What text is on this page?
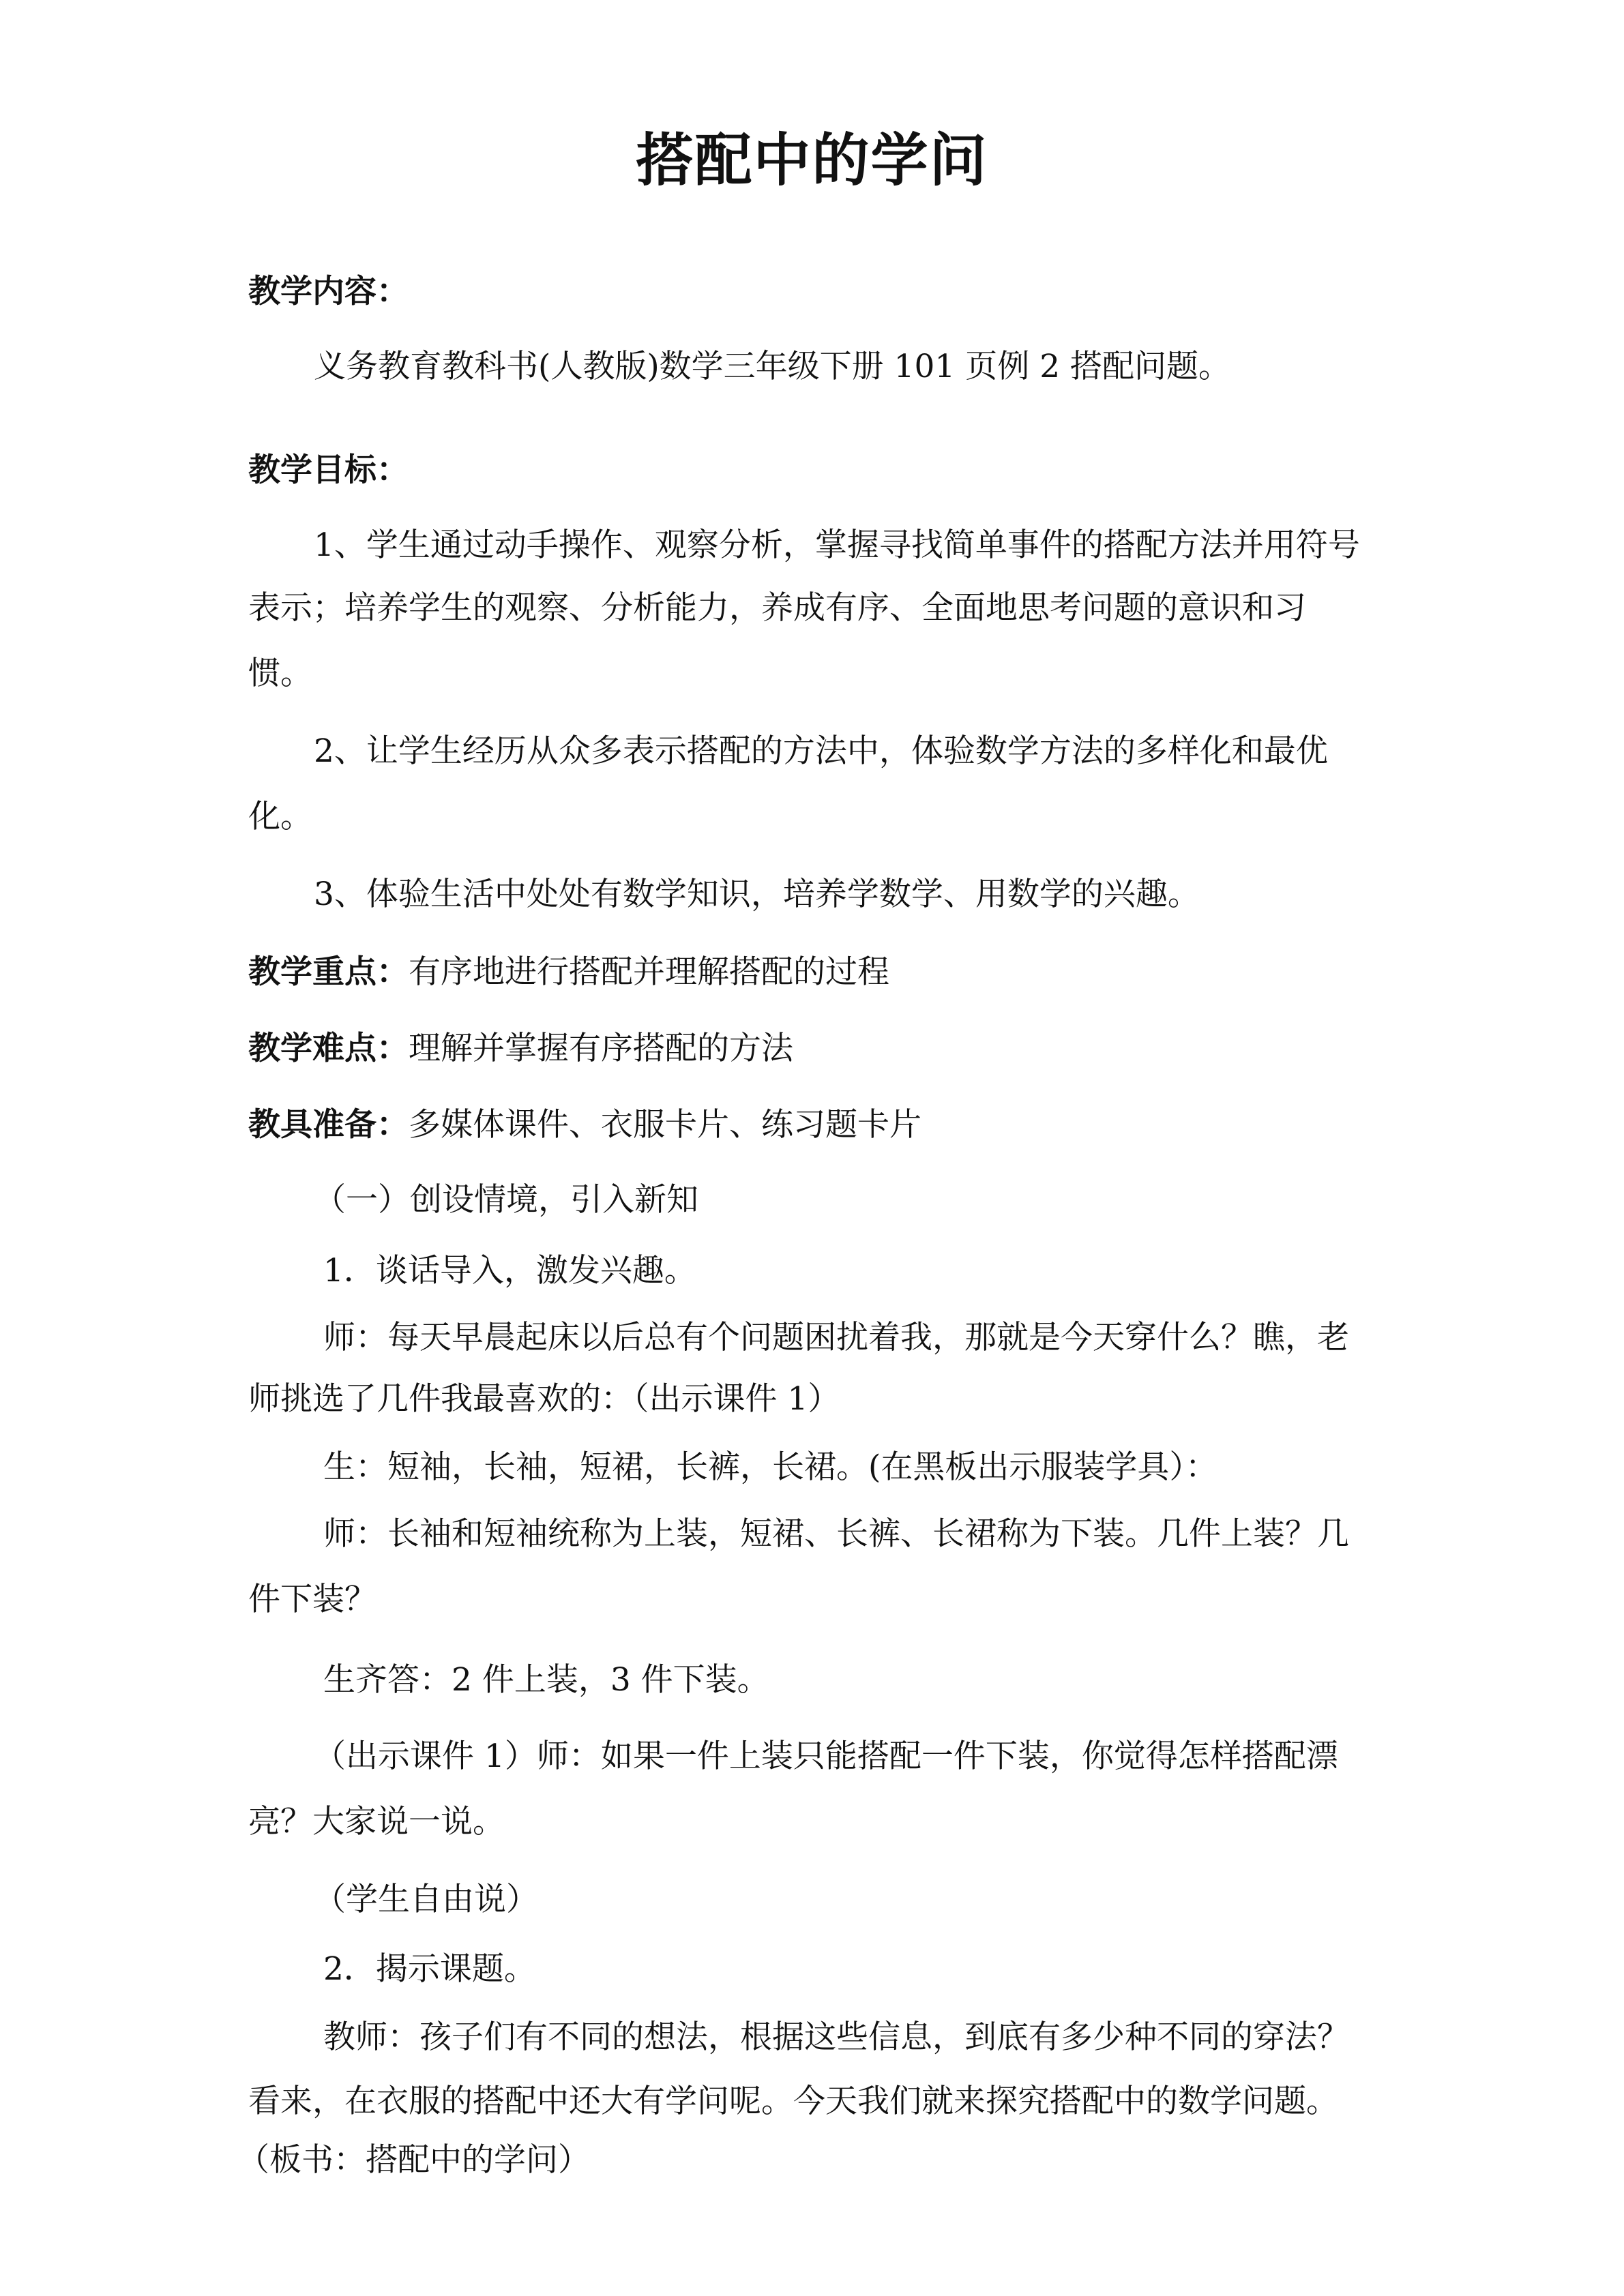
搭配中的学问
教学内容：
义务教育教科书(人教版)数学三年级下册 101 页例 2 搭配问题。
教学目标：
1、学生通过动手操作、观察分析，掌握寻找简单事件的搭配方法并用符号
表示；培养学生的观察、分析能力，养成有序、全面地思考问题的意识和习
惯。
2、让学生经历从众多表示搭配的方法中，体验数学方法的多样化和最优
化。
3、体验生活中处处有数学知识，培养学数学、用数学的兴趣。
教学重点：有序地进行搭配并理解搭配的过程
教学难点：理解并掌握有序搭配的方法
教具准备：多媒体课件、衣服卡片、练习题卡片
（一）创设情境，引入新知
1．谈话导入，激发兴趣。
师：每天早晨起床以后总有个问题困扰着我，那就是今天穿什么？瞧，老
师挑选了几件我最喜欢的：（出示课件 1）
生：短袖，长袖，短裙，长裤，长裙。(在黑板出示服装学具）：
师：长袖和短袖统称为上装，短裙、长裤、长裙称为下装。几件上装？几
件下装？
生齐答：2 件上装，3 件下装。
（出示课件 1）师：如果一件上装只能搭配一件下装，你觉得怎样搭配漂
亮？大家说一说。
（学生自由说）
2．揭示课题。
教师：孩子们有不同的想法，根据这些信息，到底有多少种不同的穿法？
看来，在衣服的搭配中还大有学问呢。今天我们就来探究搭配中的数学问题。
（板书：搭配中的学问）
